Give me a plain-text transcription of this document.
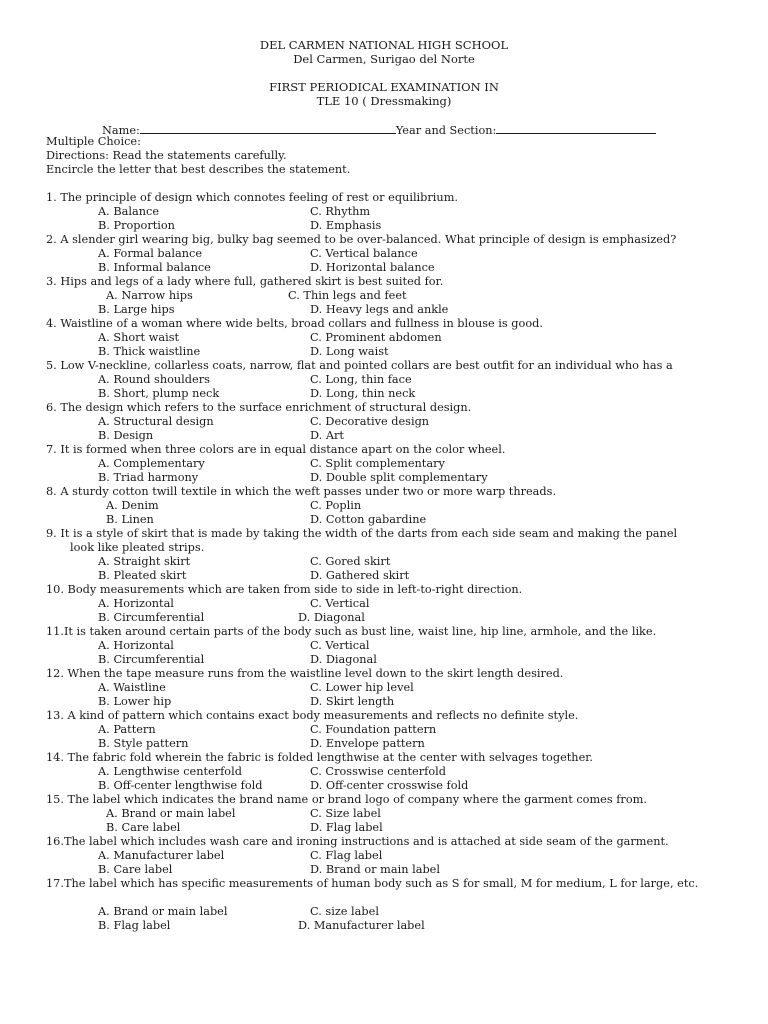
DEL CARMEN NATIONAL HIGH SCHOOL
Del Carmen, Surigao del Norte
FIRST PERIODICAL EXAMINATION IN
TLE 10 ( Dressmaking)
Name:	Year and Section:
Multiple Choice:
Directions: Read the statements carefully.
Encircle the letter that best describes the statement.
1. The principle of design which connotes feeling of rest or equilibrium.
A. Balance	C. Rhythm
B. Proportion	D. Emphasis
2. A slender girl wearing big, bulky bag seemed to be over-balanced. What principle of design is emphasized?
A. Formal balance	C. Vertical balance
B. Informal balance	D. Horizontal balance
3. Hips and legs of a lady where full, gathered skirt is best suited for.
A. Narrow hips	C. Thin legs and feet
B. Large hips	D. Heavy legs and ankle
4. Waistline of a woman where wide belts, broad collars and fullness in blouse is good.
A. Short waist	C. Prominent abdomen
B. Thick waistline	D. Long waist
5. Low V-neckline, collarless coats, narrow, flat and pointed collars are best outfit for an individual who has a
A. Round shoulders	C. Long, thin face
B. Short, plump neck	D. Long, thin neck
6. The design which refers to the surface enrichment of structural design.
A. Structural design	C. Decorative design
B. Design	D. Art
7. It is formed when three colors are in equal distance apart on the color wheel.
A. Complementary	C. Split complementary
B. Triad harmony	D. Double split complementary
8. A sturdy cotton twill textile in which the weft passes under two or more warp threads.
A. Denim	C. Poplin
B. Linen	D. Cotton gabardine
9. It is a style of skirt that is made by taking the width of the darts from each side seam and making the panel
look like pleated strips.
A. Straight skirt	C. Gored skirt
B. Pleated skirt	D. Gathered skirt
10. Body measurements which are taken from side to side in left-to-right direction.
A. Horizontal	C. Vertical
B. Circumferential	D. Diagonal
11.It is taken around certain parts of the body such as bust line, waist line, hip line, armhole, and the like.
A. Horizontal	C. Vertical
B. Circumferential	D. Diagonal
12. When the tape measure runs from the waistline level down to the skirt length desired.
A. Waistline	C. Lower hip level
B. Lower hip	D. Skirt length
13. A kind of pattern which contains exact body measurements and reflects no definite style.
A. Pattern	C. Foundation pattern
B. Style pattern	D. Envelope pattern
14. The fabric fold wherein the fabric is folded lengthwise at the center with selvages together.
A. Lengthwise centerfold	C. Crosswise centerfold
B. Off-center lengthwise fold	D. Off-center crosswise fold
15. The label which indicates the brand name or brand logo of company where the garment comes from.
A. Brand or main label	C. Size label
B. Care label	D. Flag label
16.The label which includes wash care and ironing instructions and is attached at side seam of the garment.
A. Manufacturer label	C. Flag label
B. Care label	D. Brand or main label
17.The label which has specific measurements of human body such as S for small, M for medium, L for large, etc.
A. Brand or main label	C. size label
B. Flag label	D. Manufacturer label
